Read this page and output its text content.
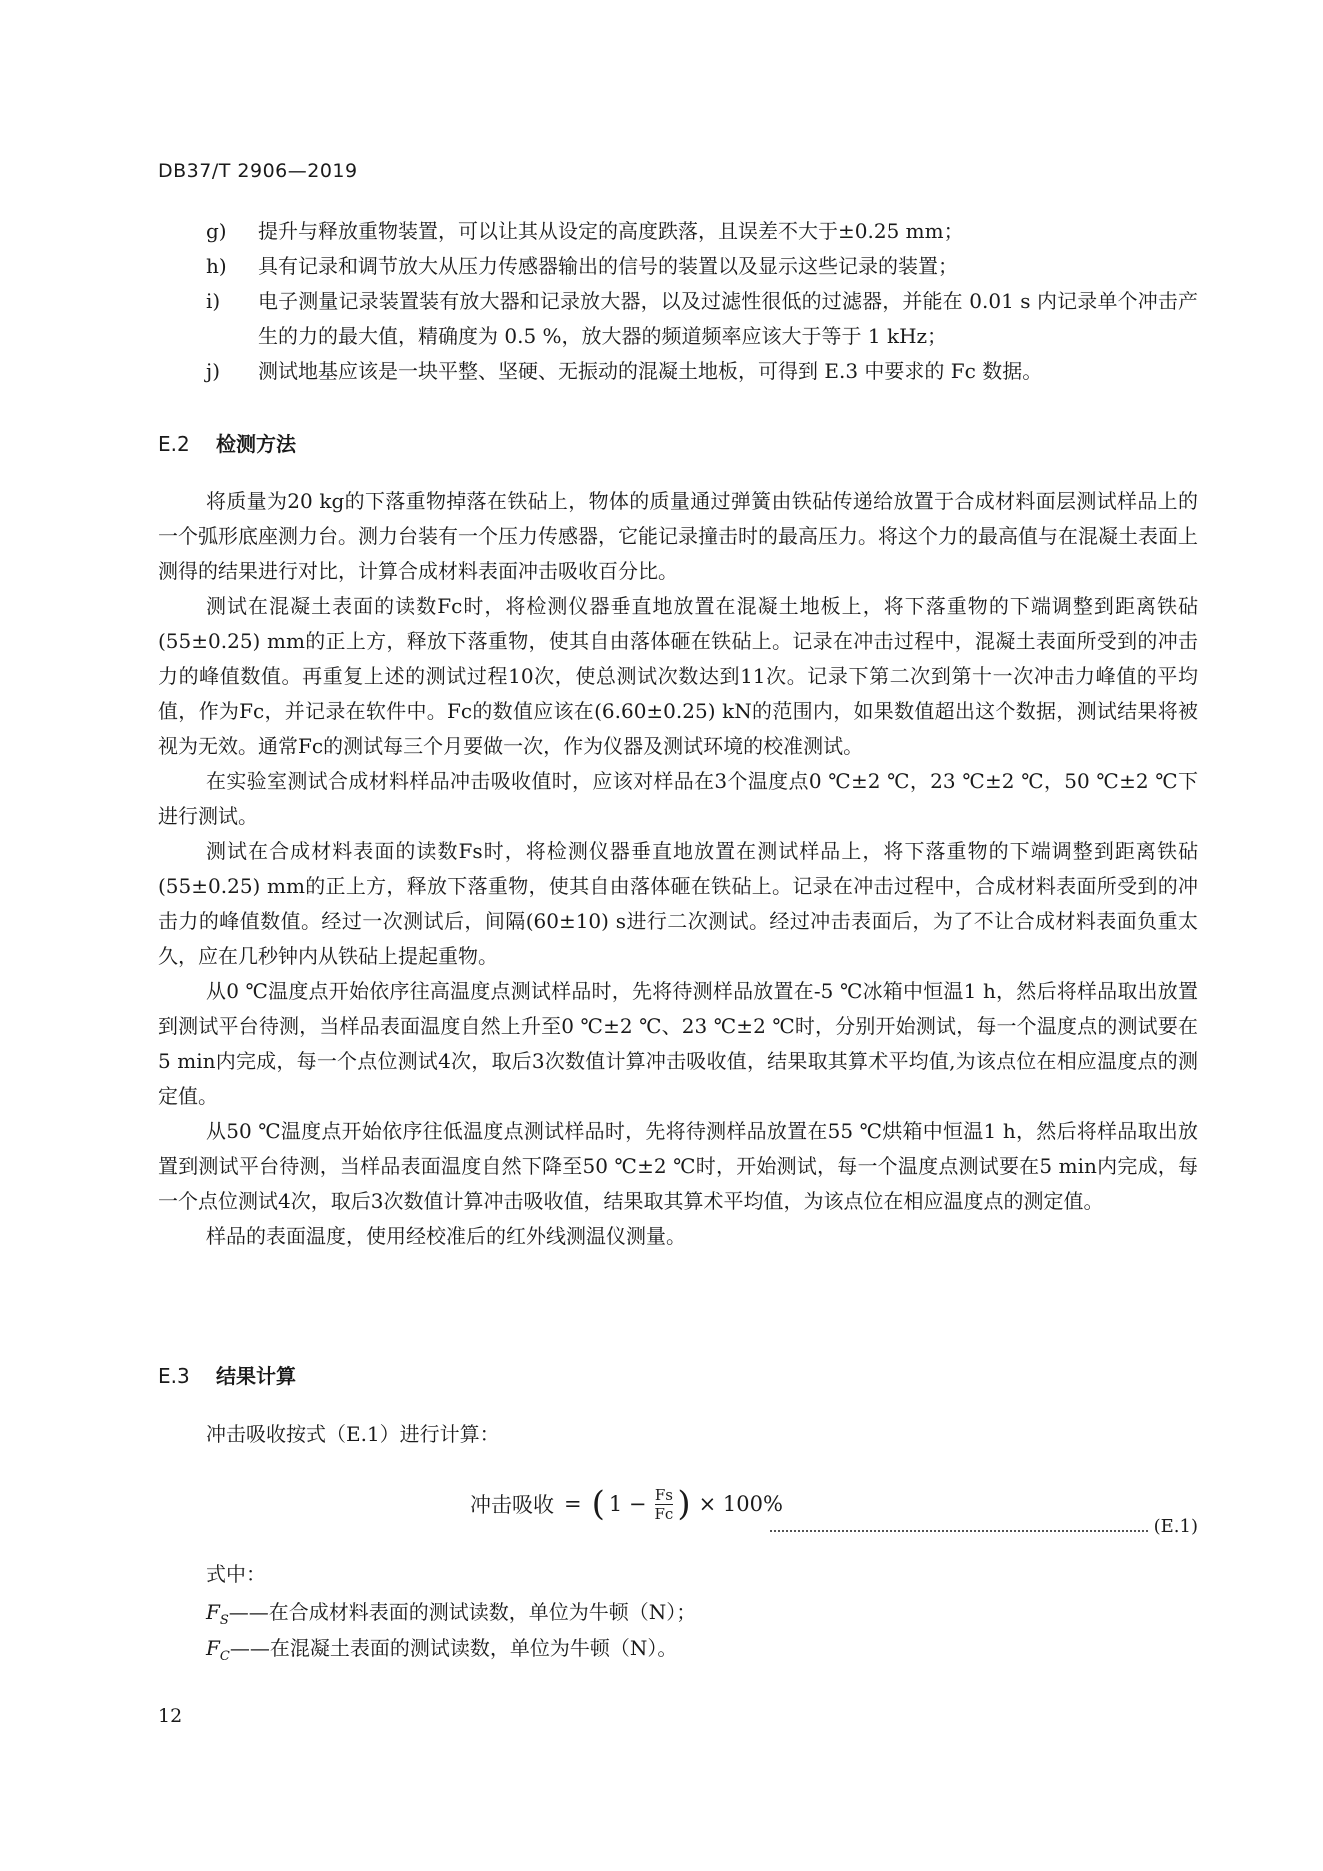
DB37/T 2906—2019
g)	提升与释放重物装置，可以让其从设定的高度跌落，且误差不大于±0.25 mm；
h)	具有记录和调节放大从压力传感器输出的信号的装置以及显示这些记录的装置；
i)	电子测量记录装置装有放大器和记录放大器，以及过滤性很低的过滤器，并能在 0.01 s 内记录单个冲击产生的力的最大值，精确度为 0.5 %，放大器的频道频率应该大于等于 1 kHz；
j)	测试地基应该是一块平整、坚硬、无振动的混凝土地板，可得到 E.3 中要求的 Fc 数据。
E.2 检测方法

将质量为20 kg的下落重物掉落在铁砧上，物体的质量通过弹簧由铁砧传递给放置于合成材料面层测试样品上的一个弧形底座测力台。测力台装有一个压力传感器，它能记录撞击时的最高压力。将这个力的最高值与在混凝土表面上测得的结果进行对比，计算合成材料表面冲击吸收百分比。

测试在混凝土表面的读数Fc时，将检测仪器垂直地放置在混凝土地板上，将下落重物的下端调整到距离铁砧(55±0.25) mm的正上方，释放下落重物，使其自由落体砸在铁砧上。记录在冲击过程中，混凝土表面所受到的冲击力的峰值数值。再重复上述的测试过程10次，使总测试次数达到11次。记录下第二次到第十一次冲击力峰值的平均值，作为Fc，并记录在软件中。Fc的数值应该在(6.60±0.25) kN的范围内，如果数值超出这个数据，测试结果将被视为无效。通常Fc的测试每三个月要做一次，作为仪器及测试环境的校准测试。

在实验室测试合成材料样品冲击吸收值时，应该对样品在3个温度点0 ℃±2 ℃，23 ℃±2 ℃，50 ℃±2 ℃下进行测试。

测试在合成材料表面的读数Fs时，将检测仪器垂直地放置在测试样品上，将下落重物的下端调整到距离铁砧(55±0.25) mm的正上方，释放下落重物，使其自由落体砸在铁砧上。记录在冲击过程中，合成材料表面所受到的冲击力的峰值数值。经过一次测试后，间隔(60±10) s进行二次测试。经过冲击表面后，为了不让合成材料表面负重太久，应在几秒钟内从铁砧上提起重物。

从0 ℃温度点开始依序往高温度点测试样品时，先将待测样品放置在-5 ℃冰箱中恒温1 h，然后将样品取出放置到测试平台待测，当样品表面温度自然上升至0 ℃±2 ℃、23 ℃±2 ℃时，分别开始测试，每一个温度点的测试要在5 min内完成，每一个点位测试4次，取后3次数值计算冲击吸收值，结果取其算术平均值,为该点位在相应温度点的测定值。

从50 ℃温度点开始依序往低温度点测试样品时，先将待测样品放置在55 ℃烘箱中恒温1 h，然后将样品取出放置到测试平台待测，当样品表面温度自然下降至50 ℃±2 ℃时，开始测试，每一个温度点测试要在5 min内完成，每一个点位测试4次，取后3次数值计算冲击吸收值，结果取其算术平均值，为该点位在相应温度点的测定值。

样品的表面温度，使用经校准后的红外线测温仪测量。

E.3 结果计算
冲击吸收按式（E.1）进行计算：
冲击吸收 = ( $1 - \frac{Fs}{Fc}$ ) × 100%
(E.1)
式中：
$F_S——$在合成材料表面的测试读数，单位为牛顿（N）；
$F_C——$在混凝土表面的测试读数，单位为牛顿（N）。
12
